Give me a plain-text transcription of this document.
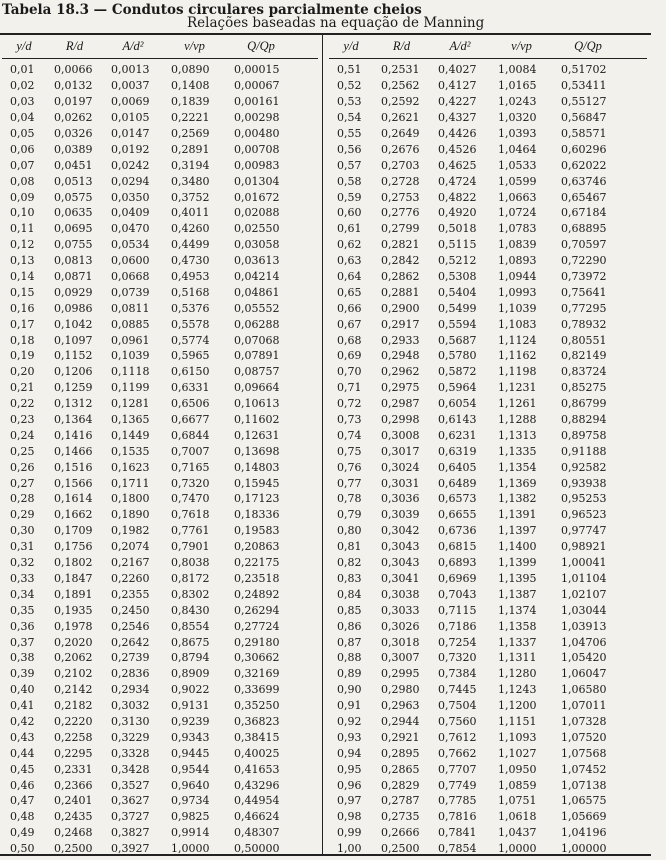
Tabela 18.3 — Condutos circulares parcialmente cheios
Relações baseadas na equação de Manning
y/d	R/d	A/d²	v/vp	Q/Qp
0,01	0,0066	0,0013	0,0890	0,00015
0,02	0,0132	0,0037	0,1408	0,00067
0,03	0,0197	0,0069	0,1839	0,00161
0,04	0,0262	0,0105	0,2221	0,00298
0,05	0,0326	0,0147	0,2569	0,00480
0,06	0,0389	0,0192	0,2891	0,00708
0,07	0,0451	0,0242	0,3194	0,00983
0,08	0,0513	0,0294	0,3480	0,01304
0,09	0,0575	0,0350	0,3752	0,01672
0,10	0,0635	0,0409	0,4011	0,02088
0,11	0,0695	0,0470	0,4260	0,02550
0,12	0,0755	0,0534	0,4499	0,03058
0,13	0,0813	0,0600	0,4730	0,03613
0,14	0,0871	0,0668	0,4953	0,04214
0,15	0,0929	0,0739	0,5168	0,04861
0,16	0,0986	0,0811	0,5376	0,05552
0,17	0,1042	0,0885	0,5578	0,06288
0,18	0,1097	0,0961	0,5774	0,07068
0,19	0,1152	0,1039	0,5965	0,07891
0,20	0,1206	0,1118	0,6150	0,08757
0,21	0,1259	0,1199	0,6331	0,09664
0,22	0,1312	0,1281	0,6506	0,10613
0,23	0,1364	0,1365	0,6677	0,11602
0,24	0,1416	0,1449	0,6844	0,12631
0,25	0,1466	0,1535	0,7007	0,13698
0,26	0,1516	0,1623	0,7165	0,14803
0,27	0,1566	0,1711	0,7320	0,15945
0,28	0,1614	0,1800	0,7470	0,17123
0,29	0,1662	0,1890	0,7618	0,18336
0,30	0,1709	0,1982	0,7761	0,19583
0,31	0,1756	0,2074	0,7901	0,20863
0,32	0,1802	0,2167	0,8038	0,22175
0,33	0,1847	0,2260	0,8172	0,23518
0,34	0,1891	0,2355	0,8302	0,24892
0,35	0,1935	0,2450	0,8430	0,26294
0,36	0,1978	0,2546	0,8554	0,27724
0,37	0,2020	0,2642	0,8675	0,29180
0,38	0,2062	0,2739	0,8794	0,30662
0,39	0,2102	0,2836	0,8909	0,32169
0,40	0,2142	0,2934	0,9022	0,33699
0,41	0,2182	0,3032	0,9131	0,35250
0,42	0,2220	0,3130	0,9239	0,36823
0,43	0,2258	0,3229	0,9343	0,38415
0,44	0,2295	0,3328	0,9445	0,40025
0,45	0,2331	0,3428	0,9544	0,41653
0,46	0,2366	0,3527	0,9640	0,43296
0,47	0,2401	0,3627	0,9734	0,44954
0,48	0,2435	0,3727	0,9825	0,46624
0,49	0,2468	0,3827	0,9914	0,48307
0,50	0,2500	0,3927	1,0000	0,50000
y/d	R/d	A/d²	v/vp	Q/Qp
0,51	0,2531	0,4027	1,0084	0,51702
0,52	0,2562	0,4127	1,0165	0,53411
0,53	0,2592	0,4227	1,0243	0,55127
0,54	0,2621	0,4327	1,0320	0,56847
0,55	0,2649	0,4426	1,0393	0,58571
0,56	0,2676	0,4526	1,0464	0,60296
0,57	0,2703	0,4625	1,0533	0,62022
0,58	0,2728	0,4724	1,0599	0,63746
0,59	0,2753	0,4822	1,0663	0,65467
0,60	0,2776	0,4920	1,0724	0,67184
0,61	0,2799	0,5018	1,0783	0,68895
0,62	0,2821	0,5115	1,0839	0,70597
0,63	0,2842	0,5212	1,0893	0,72290
0,64	0,2862	0,5308	1,0944	0,73972
0,65	0,2881	0,5404	1,0993	0,75641
0,66	0,2900	0,5499	1,1039	0,77295
0,67	0,2917	0,5594	1,1083	0,78932
0,68	0,2933	0,5687	1,1124	0,80551
0,69	0,2948	0,5780	1,1162	0,82149
0,70	0,2962	0,5872	1,1198	0,83724
0,71	0,2975	0,5964	1,1231	0,85275
0,72	0,2987	0,6054	1,1261	0,86799
0,73	0,2998	0,6143	1,1288	0,88294
0,74	0,3008	0,6231	1,1313	0,89758
0,75	0,3017	0,6319	1,1335	0,91188
0,76	0,3024	0,6405	1,1354	0,92582
0,77	0,3031	0,6489	1,1369	0,93938
0,78	0,3036	0,6573	1,1382	0,95253
0,79	0,3039	0,6655	1,1391	0,96523
0,80	0,3042	0,6736	1,1397	0,97747
0,81	0,3043	0,6815	1,1400	0,98921
0,82	0,3043	0,6893	1,1399	1,00041
0,83	0,3041	0,6969	1,1395	1,01104
0,84	0,3038	0,7043	1,1387	1,02107
0,85	0,3033	0,7115	1,1374	1,03044
0,86	0,3026	0,7186	1,1358	1,03913
0,87	0,3018	0,7254	1,1337	1,04706
0,88	0,3007	0,7320	1,1311	1,05420
0,89	0,2995	0,7384	1,1280	1,06047
0,90	0,2980	0,7445	1,1243	1,06580
0,91	0,2963	0,7504	1,1200	1,07011
0,92	0,2944	0,7560	1,1151	1,07328
0,93	0,2921	0,7612	1,1093	1,07520
0,94	0,2895	0,7662	1,1027	1,07568
0,95	0,2865	0,7707	1,0950	1,07452
0,96	0,2829	0,7749	1,0859	1,07138
0,97	0,2787	0,7785	1,0751	1,06575
0,98	0,2735	0,7816	1,0618	1,05669
0,99	0,2666	0,7841	1,0437	1,04196
1,00	0,2500	0,7854	1,0000	1,00000
